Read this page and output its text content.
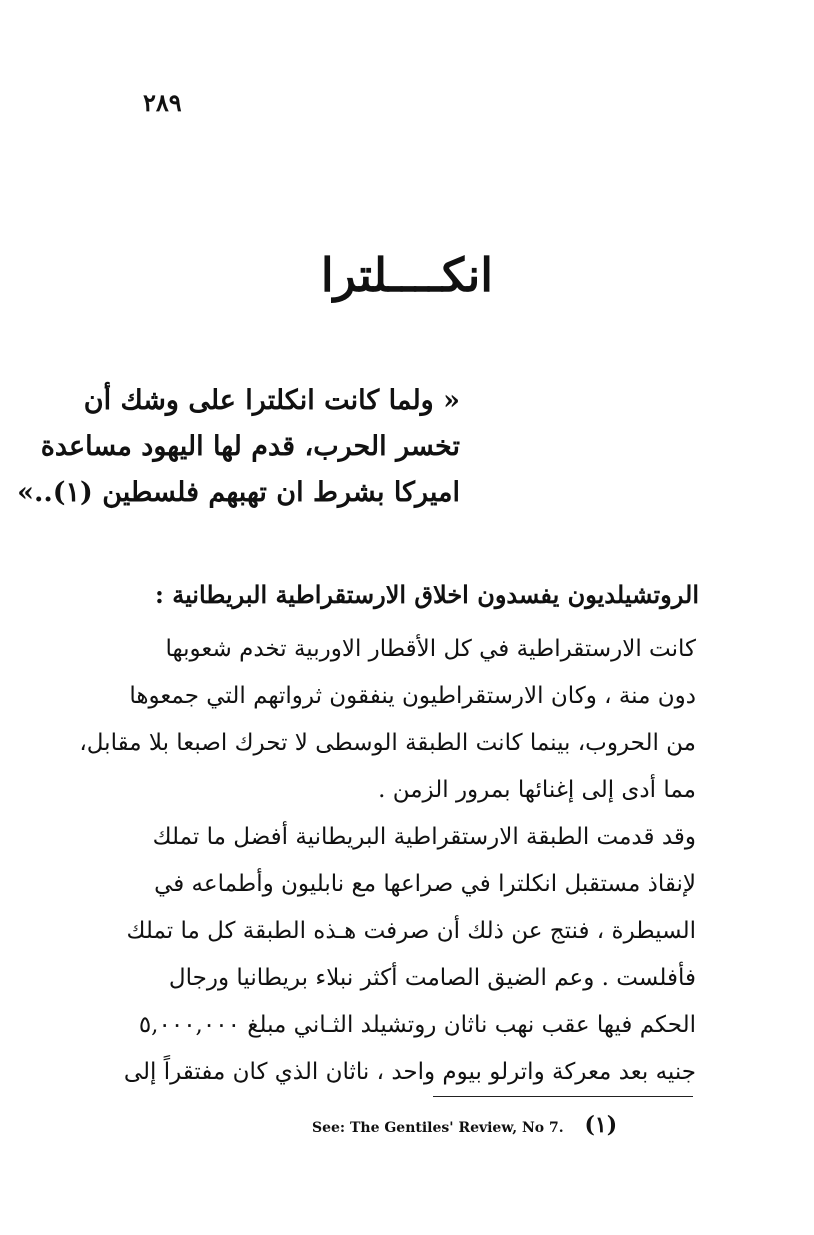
٢٨٩
انكــــلترا
« ولما كانت انكلترا على وشك أن
تخسر الحرب، قدم لها اليهود مساعدة
اميركا بشرط ان تهبهم فلسطين (١)..»
الروتشيلديون يفسدون اخلاق الارستقراطية البريطانية :
كانت الارستقراطية في كل الأقطار الاوربية تخدم شعوبها
دون منة ، وكان الارستقراطيون ينفقون ثرواتهم التي جمعوها
من الحروب، بينما كانت الطبقة الوسطى لا تحرك اصبعا بلا مقابل،
مما أدى إلى إغنائها بمرور الزمن .
وقد قدمت الطبقة الارستقراطية البريطانية أفضل ما تملك
لإنقاذ مستقبل انكلترا في صراعها مع نابليون وأطماعه في
السيطرة ، فنتج عن ذلك أن صرفت هـذه الطبقة كل ما تملك
فأفلست . وعم الضيق الصامت أكثر نبلاء بريطانيا ورجال
الحكم فيها عقب نهب ناثان روتشيلد الثـاني مبلغ ٥,٠٠٠,٠٠٠
جنيه بعد معركة واترلو بيوم واحد ، ناثان الذي كان مفتقراً إلى
See: The Gentiles' Review, No 7. (١)
